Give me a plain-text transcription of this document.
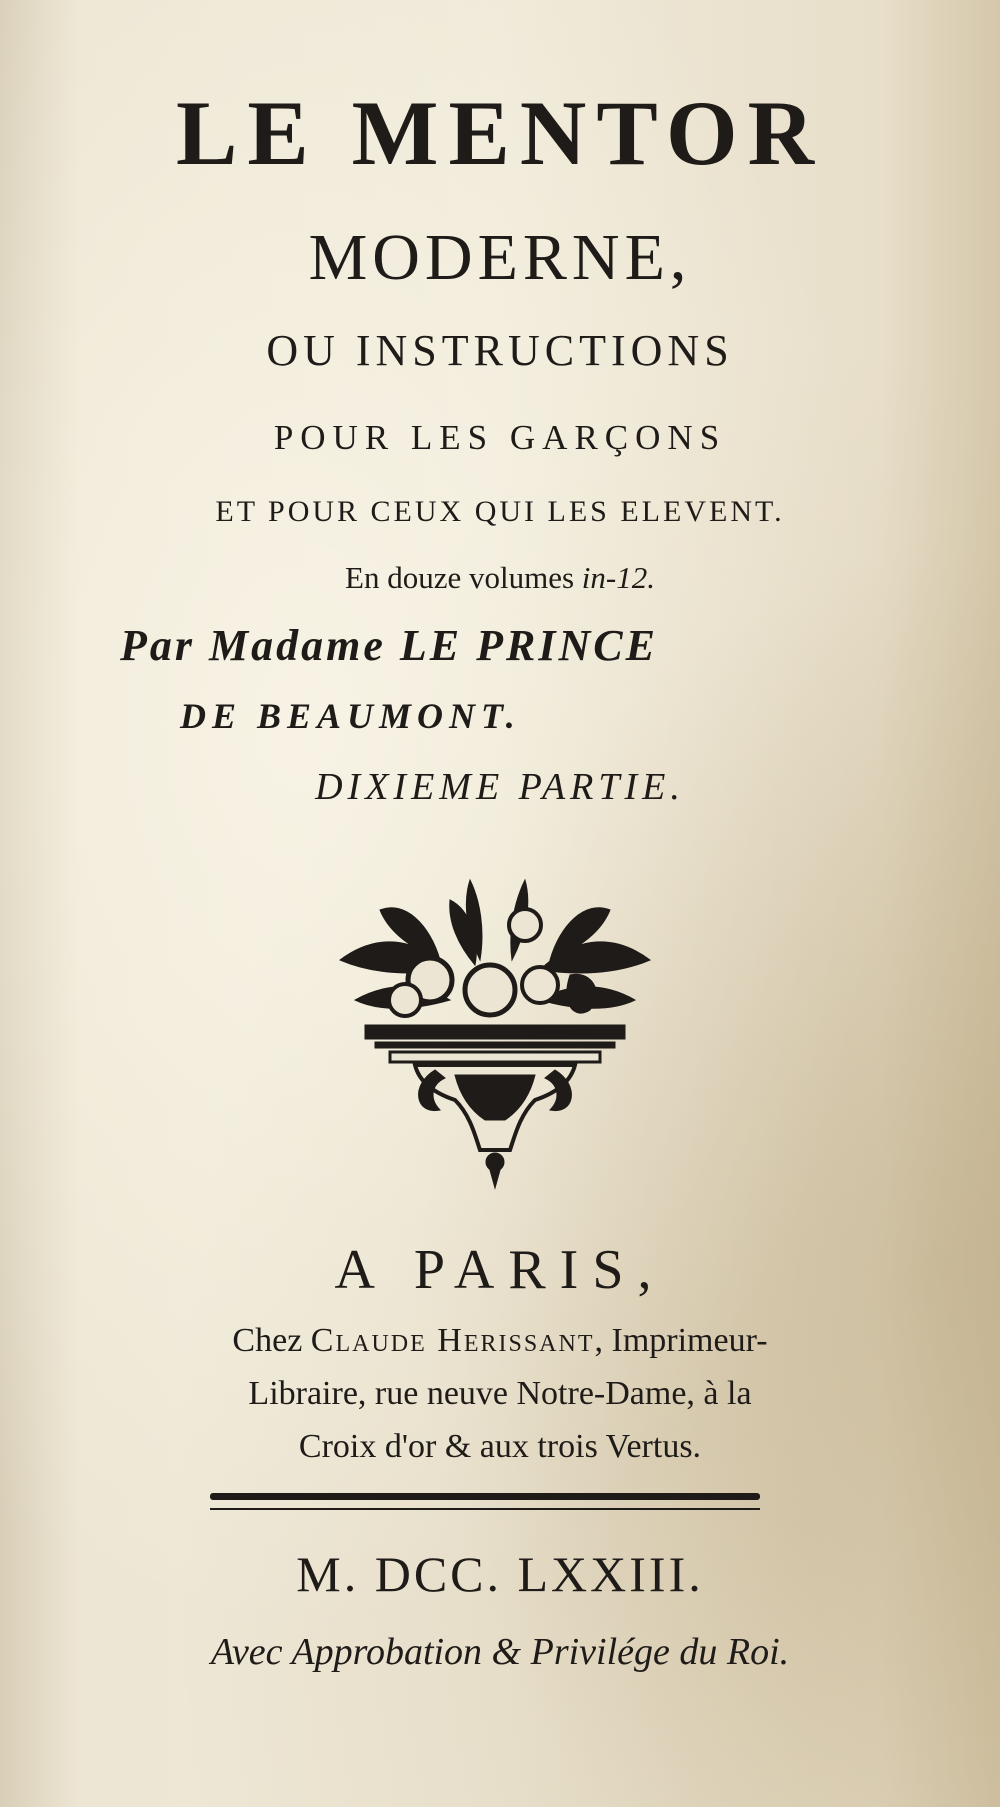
LE MENTOR
MODERNE,
OU INSTRUCTIONS
POUR LES GARÇONS
ET POUR CEUX QUI LES ELEVENT.
En douze volumes in-12.
Par Madame LE PRINCE
DE BEAUMONT.
DIXIEME PARTIE.
A PARIS,
Chez Claude Herissant, Imprimeur-
Libraire, rue neuve Notre-Dame, à la
Croix d'or & aux trois Vertus.
M. DCC. LXXIII.
Avec Approbation & Privilége du Roi.
